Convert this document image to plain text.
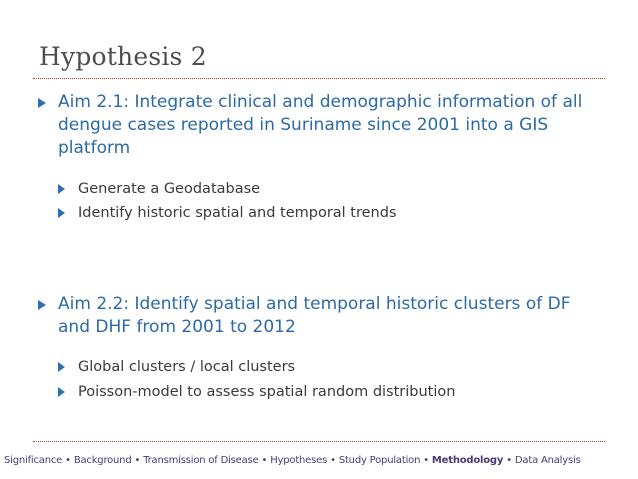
Hypothesis 2
Aim 2.1: Integrate clinical and demographic information of all dengue cases reported in Suriname since 2001 into a GIS platform
Generate a Geodatabase
Identify historic spatial and temporal trends
Aim 2.2: Identify spatial and temporal historic clusters of DF and DHF from 2001 to 2012
Global clusters / local clusters
Poisson-model to assess spatial random distribution
Significance • Background • Transmission of Disease • Hypotheses • Study Population • Methodology • Data Analysis
